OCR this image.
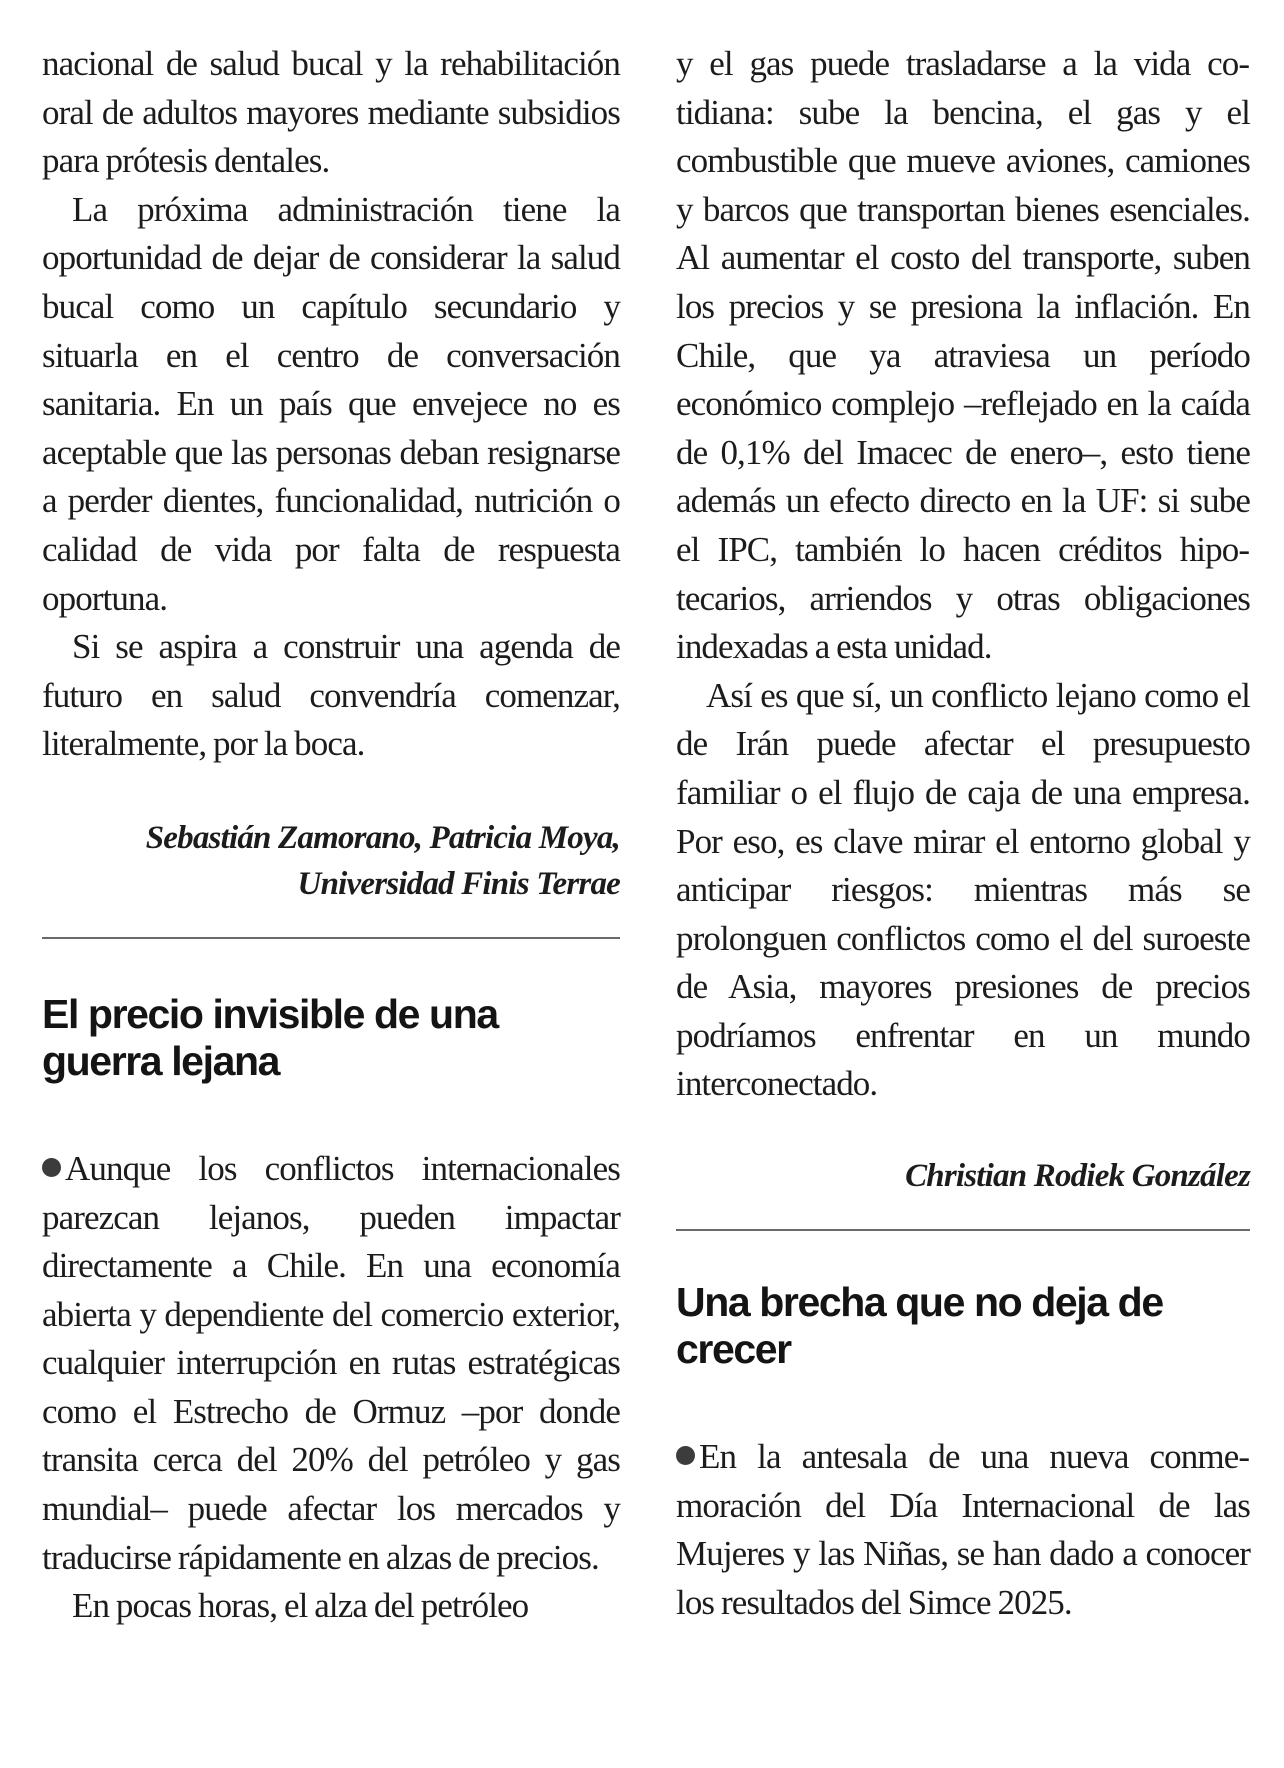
nacional de salud bucal y la rehabilitación oral de adultos mayores mediante subsidios para prótesis dentales.

La próxima administración tiene la oportunidad de dejar de considerar la salud bucal como un capítulo secundario y situarla en el centro de conversación sanitaria. En un país que envejece no es aceptable que las personas deban resignarse a perder dientes, funcionalidad, nutrición o calidad de vida por falta de respuesta oportuna.

Si se aspira a construir una agenda de futuro en salud convendría comenzar, literalmente, por la boca.

Sebastián Zamorano, Patricia Moya, Universidad Finis Terrae
El precio invisible de una guerra lejana

Aunque los conflictos internacionales parezcan lejanos, pueden impactar directamente a Chile. En una economía abierta y dependiente del comercio exterior, cualquier interrupción en rutas estratégicas como el Estrecho de Ormuz –por donde transita cerca del 20% del petróleo y gas mundial– puede afectar los mercados y traducirse rápidamente en alzas de precios.

En pocas horas, el alza del petróleo

y el gas puede trasladarse a la vida cotidiana: sube la bencina, el gas y el combustible que mueve aviones, camiones y barcos que transportan bienes esenciales. Al aumentar el costo del transporte, suben los precios y se presiona la inflación. En Chile, que ya atraviesa un período económico complejo –reflejado en la caída de 0,1% del Imacec de enero–, esto tiene además un efecto directo en la UF: si sube el IPC, también lo hacen créditos hipotecarios, arriendos y otras obligaciones indexadas a esta unidad.

Así es que sí, un conflicto lejano como el de Irán puede afectar el presupuesto familiar o el flujo de caja de una empresa. Por eso, es clave mirar el entorno global y anticipar riesgos: mientras más se prolonguen conflictos como el del suroeste de Asia, mayores presiones de precios podríamos enfrentar en un mundo interconectado.

Christian Rodiek González
Una brecha que no deja de crecer

En la antesala de una nueva conmemoración del Día Internacional de las Mujeres y las Niñas, se han dado a conocer los resultados del Simce 2025.
